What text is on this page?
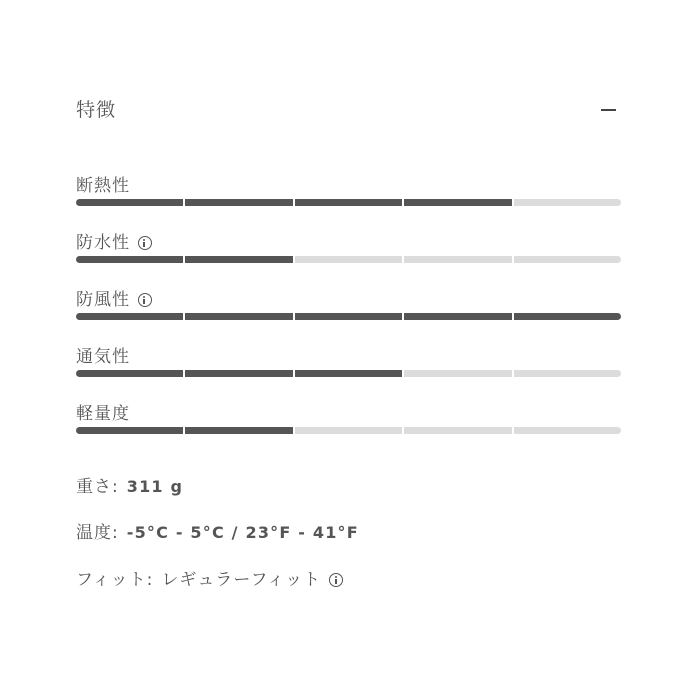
特徴
断熱性
防水性
防風性
通気性
軽量度
重さ: 311 g
温度: -5°C - 5°C / 23°F - 41°F
フィット: レギュラーフィット
